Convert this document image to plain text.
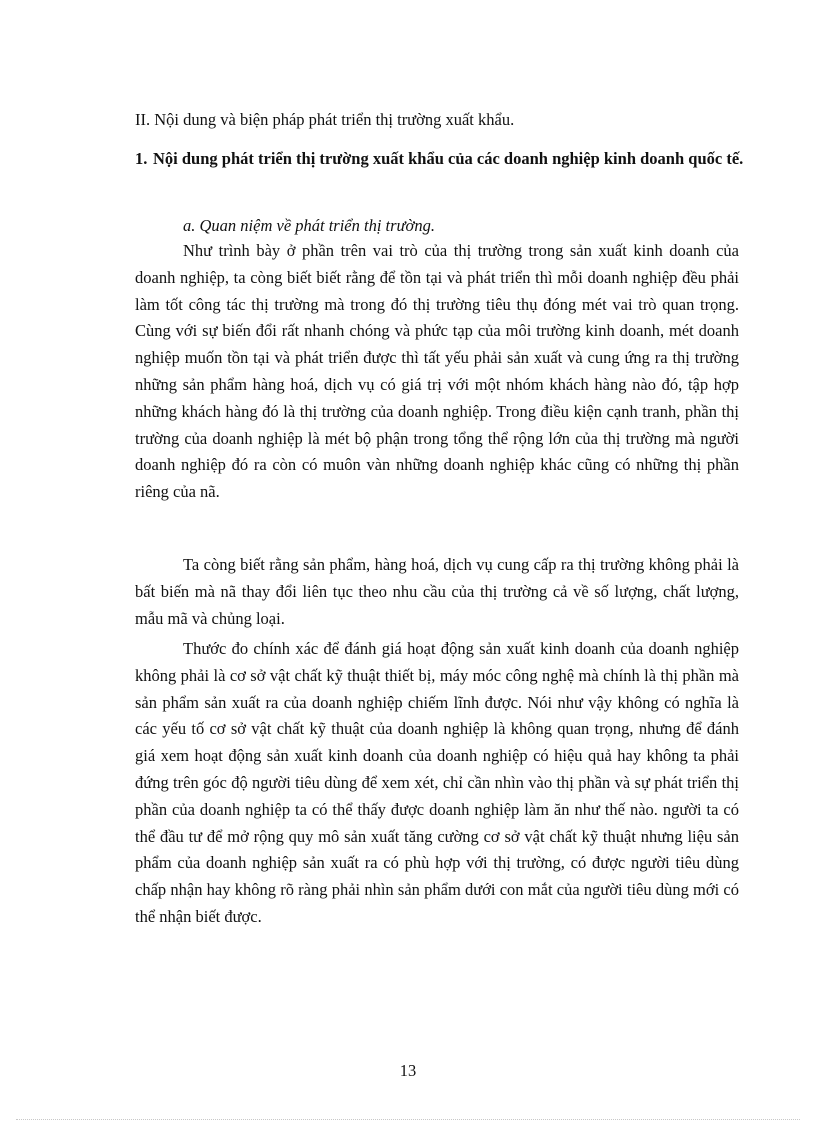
II. Nội dung và biện pháp phát triển thị trường xuất khẩu.
1. Nội dung phát triển thị trường xuất khẩu của các doanh nghiệp kinh doanh quốc tế.
a. Quan niệm về phát triển thị trường.

Như trình bày ở phần trên vai trò của thị trường trong sản xuất kinh doanh của doanh nghiệp, ta còng biết biết rằng để tồn tại và phát triển thì mỗi doanh nghiệp đều phải làm tốt công tác thị trường mà trong đó thị trường tiêu thụ đóng mét vai trò quan trọng. Cùng với sự biến đổi rất nhanh chóng và phức tạp của môi trường kinh doanh, mét doanh nghiệp muốn tồn tại và phát triển được thì tất yếu phải sản xuất và cung ứng ra thị trường những sản phẩm hàng hoá, dịch vụ có giá trị với một nhóm khách hàng nào đó, tập hợp những khách hàng đó là thị trường của doanh nghiệp. Trong điều kiện cạnh tranh, phần thị trường của doanh nghiệp là mét bộ phận trong tổng thể rộng lớn của thị trường mà người doanh nghiệp đó ra còn có muôn vàn những doanh nghiệp khác cũng có những thị phần riêng của nã.

Ta còng biết rằng sản phẩm, hàng hoá, dịch vụ cung cấp ra thị trường không phải là bất biến mà nã thay đổi liên tục theo nhu cầu của thị trường cả về số lượng, chất lượng, mẫu mã và chủng loại.

Thước đo chính xác để đánh giá hoạt động sản xuất kinh doanh của doanh nghiệp không phải là cơ sở vật chất kỹ thuật thiết bị, máy móc công nghệ mà chính là thị phần mà sản phẩm sản xuất ra của doanh nghiệp chiếm lĩnh được. Nói như vậy không có nghĩa là các yếu tố cơ sở vật chất kỹ thuật của doanh nghiệp là không quan trọng, nhưng để đánh giá xem hoạt động sản xuất kinh doanh của doanh nghiệp có hiệu quả hay không ta phải đứng trên góc độ người tiêu dùng để xem xét, chỉ cần nhìn vào thị phần và sự phát triển thị phần của doanh nghiệp ta có thể thấy được doanh nghiệp làm ăn như thế nào. người ta có thể đầu tư để mở rộng quy mô sản xuất tăng cường cơ sở vật chất kỹ thuật nhưng liệu sản phẩm của doanh nghiệp sản xuất ra có phù hợp với thị trường, có được người tiêu dùng chấp nhận hay không rõ ràng phải nhìn sản phẩm dưới con mắt của người tiêu dùng mới có thể nhận biết được.

13
